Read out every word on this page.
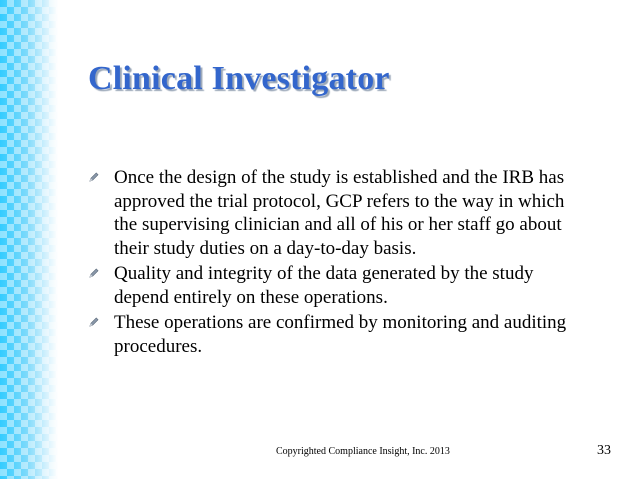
Clinical Investigator
Once the design of the study is established and the IRB has approved the trial protocol, GCP refers to the way in which the supervising clinician and all of his or her staff go about their study duties on a day-to-day basis.
Quality and integrity of the data generated by the study depend entirely on these operations.
These operations are confirmed by monitoring and auditing procedures.
Copyrighted Compliance Insight, Inc. 2013	33
